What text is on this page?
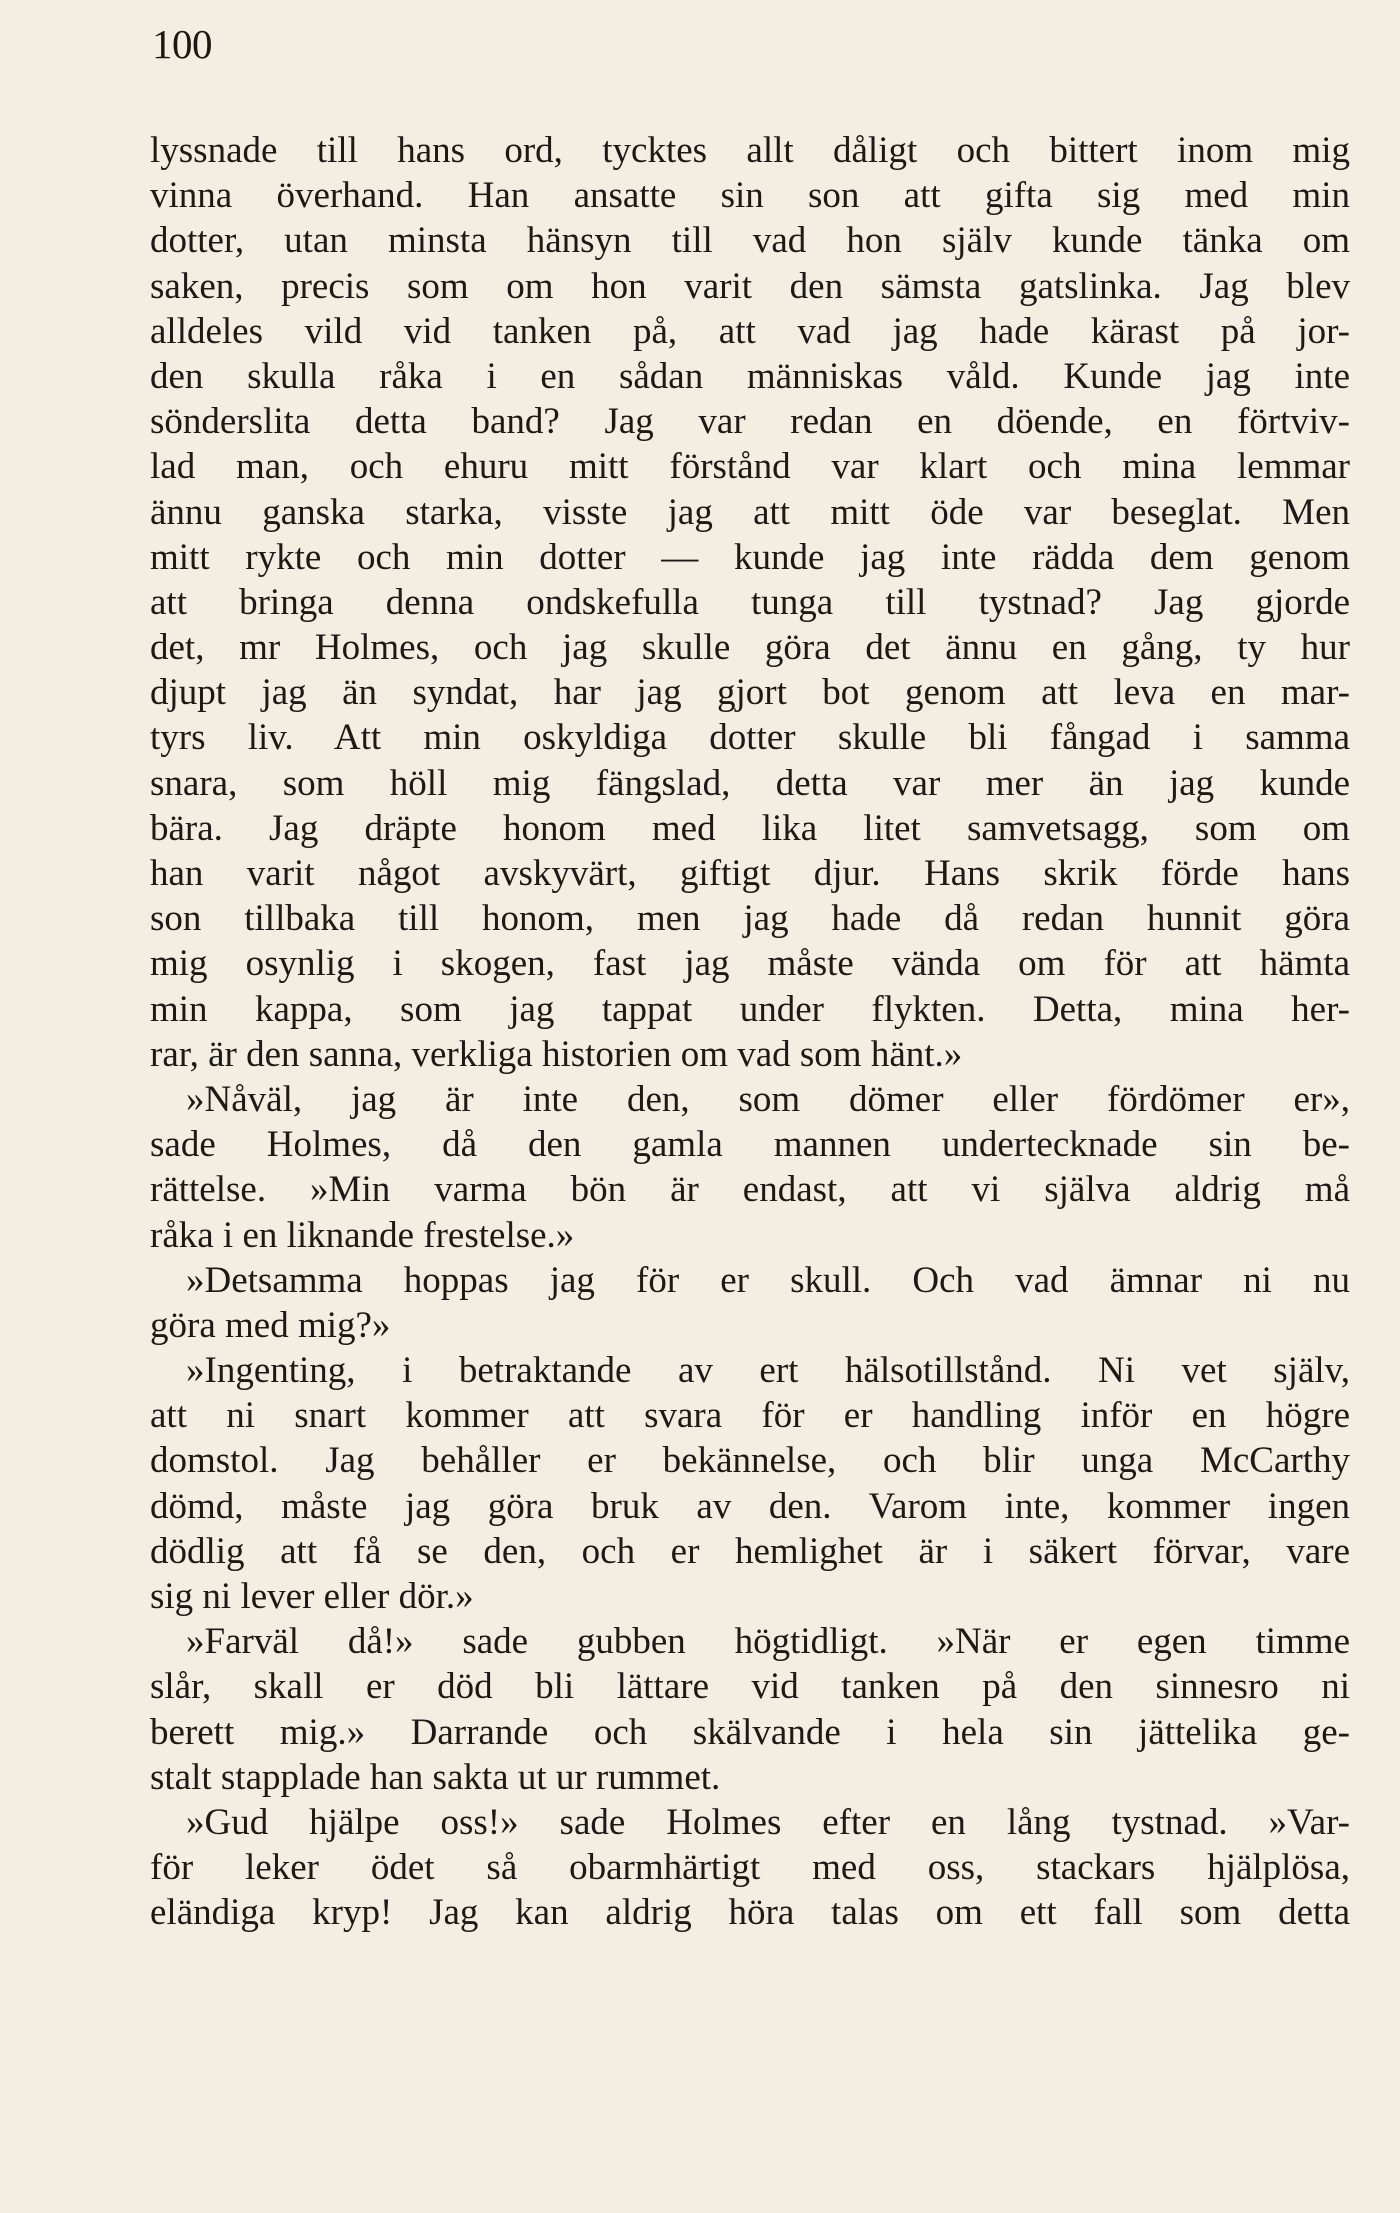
100
lyssnade till hans ord, tycktes allt dåligt och bittert inom mig
vinna överhand. Han ansatte sin son att gifta sig med min
dotter, utan minsta hänsyn till vad hon själv kunde tänka om
saken, precis som om hon varit den sämsta gatslinka. Jag blev
alldeles vild vid tanken på, att vad jag hade kärast på jor-
den skulla råka i en sådan människas våld. Kunde jag inte
sönderslita detta band? Jag var redan en döende, en förtviv-
lad man, och ehuru mitt förstånd var klart och mina lemmar
ännu ganska starka, visste jag att mitt öde var beseglat. Men
mitt rykte och min dotter — kunde jag inte rädda dem genom
att bringa denna ondskefulla tunga till tystnad? Jag gjorde
det, mr Holmes, och jag skulle göra det ännu en gång, ty hur
djupt jag än syndat, har jag gjort bot genom att leva en mar-
tyrs liv. Att min oskyldiga dotter skulle bli fångad i samma
snara, som höll mig fängslad, detta var mer än jag kunde
bära. Jag dräpte honom med lika litet samvetsagg, som om
han varit något avskyvärt, giftigt djur. Hans skrik förde hans
son tillbaka till honom, men jag hade då redan hunnit göra
mig osynlig i skogen, fast jag måste vända om för att hämta
min kappa, som jag tappat under flykten. Detta, mina her-
rar, är den sanna, verkliga historien om vad som hänt.»
»Nåväl, jag är inte den, som dömer eller fördömer er»,
sade Holmes, då den gamla mannen undertecknade sin be-
rättelse. »Min varma bön är endast, att vi själva aldrig må
råka i en liknande frestelse.»
»Detsamma hoppas jag för er skull. Och vad ämnar ni nu
göra med mig?»
»Ingenting, i betraktande av ert hälsotillstånd. Ni vet själv,
att ni snart kommer att svara för er handling inför en högre
domstol. Jag behåller er bekännelse, och blir unga McCarthy
dömd, måste jag göra bruk av den. Varom inte, kommer ingen
dödlig att få se den, och er hemlighet är i säkert förvar, vare
sig ni lever eller dör.»
»Farväl då!» sade gubben högtidligt. »När er egen timme
slår, skall er död bli lättare vid tanken på den sinnesro ni
berett mig.» Darrande och skälvande i hela sin jättelika ge-
stalt stapplade han sakta ut ur rummet.
»Gud hjälpe oss!» sade Holmes efter en lång tystnad. »Var-
för leker ödet så obarmhärtigt med oss, stackars hjälplösa,
eländiga kryp! Jag kan aldrig höra talas om ett fall som detta
